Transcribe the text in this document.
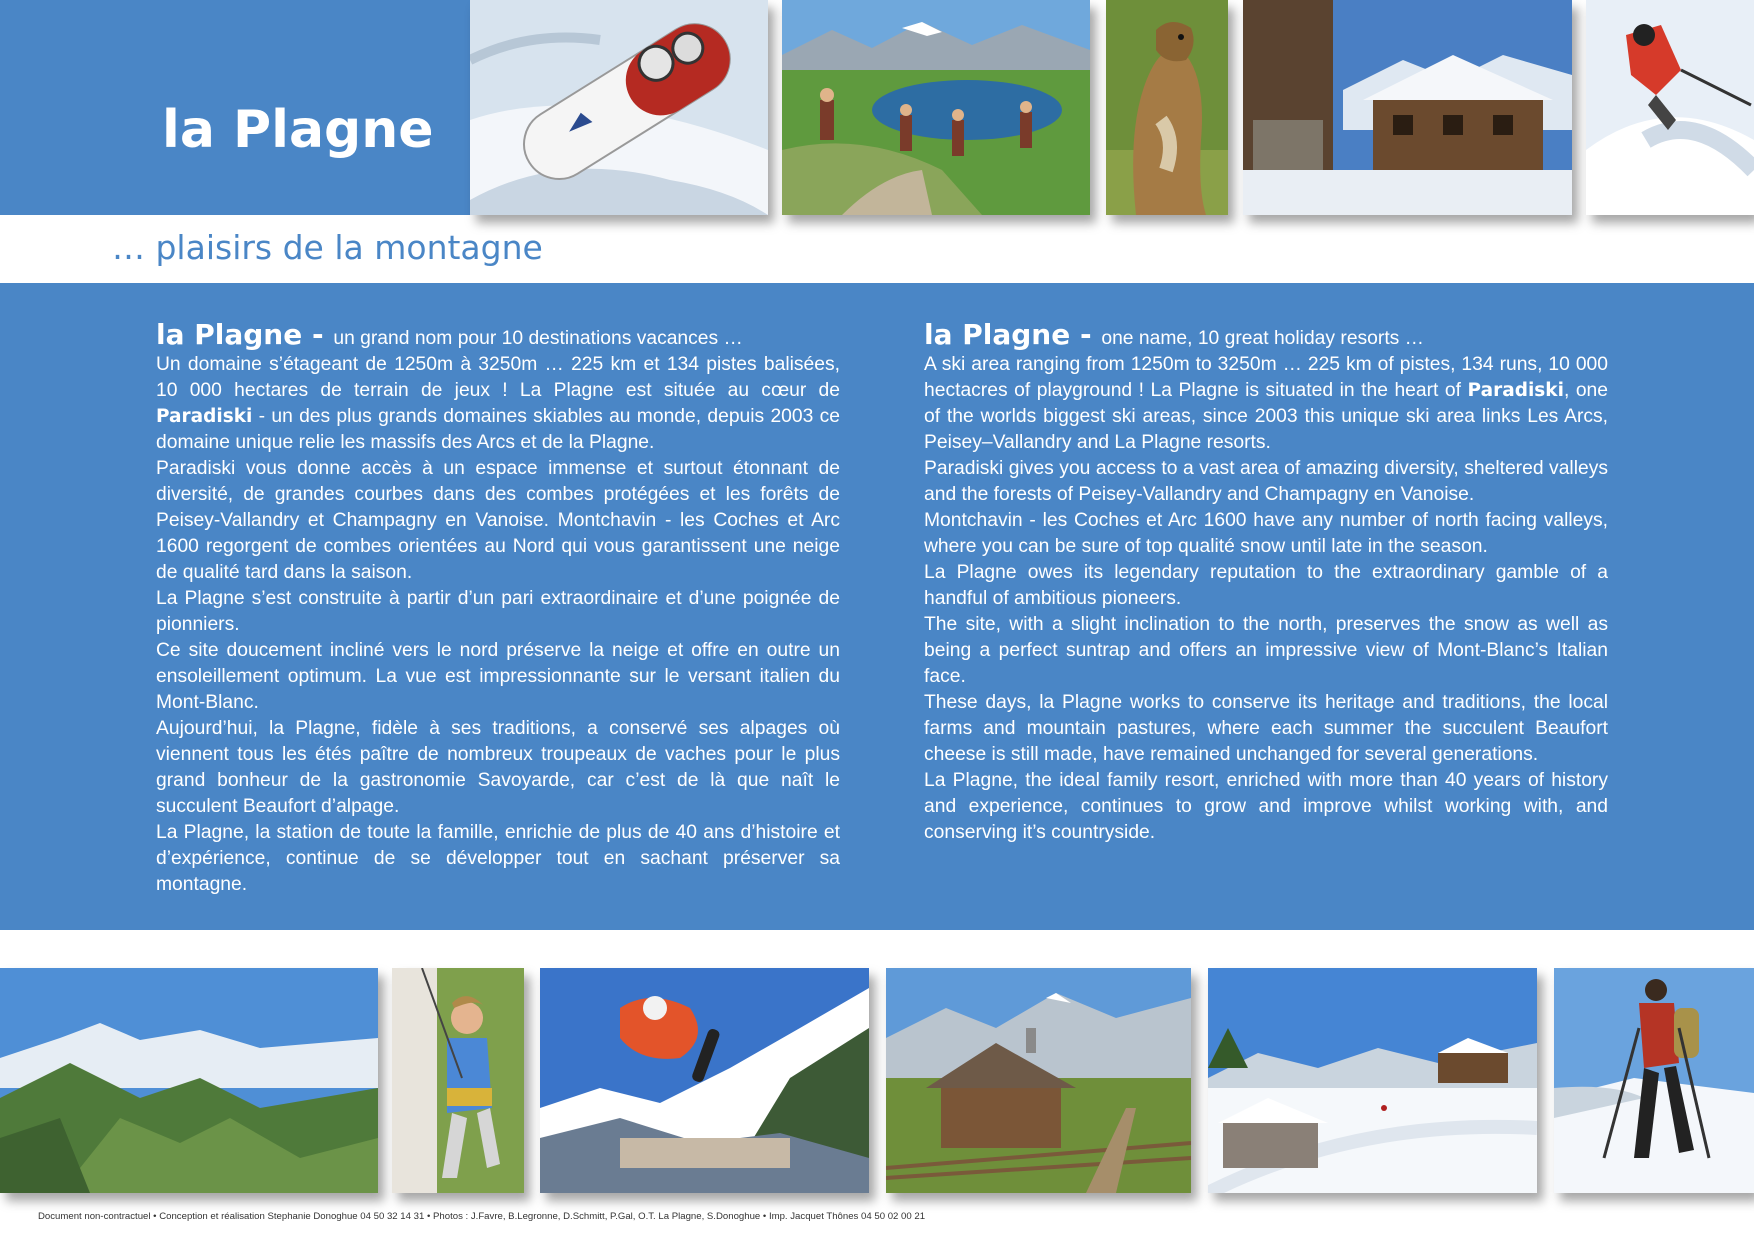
la Plagne
… plaisirs de la montagne

la Plagne - un grand nom pour 10 destinations vacances …

Un domaine s’étageant de 1250m à 3250m … 225 km et 134 pistes balisées, 10 000 hectares de terrain de jeux ! La Plagne est située au cœur de Paradiski - un des plus grands domaines skiables au monde, depuis 2003 ce domaine unique relie les massifs des Arcs et de la Plagne.

Paradiski vous donne accès à un espace immense et surtout étonnant de diversité, de grandes courbes dans des combes protégées et les forêts de Peisey-Vallandry et Champagny en Vanoise. Montchavin - les Coches et Arc 1600 regorgent de combes orientées au Nord qui vous garantissent une neige de qualité tard dans la saison.

La Plagne s’est construite à partir d’un pari extraordinaire et d’une poignée de pionniers.

Ce site doucement incliné vers le nord préserve la neige et offre en outre un ensoleillement optimum. La vue est impressionnante sur le versant italien du Mont-Blanc.

Aujourd’hui, la Plagne, fidèle à ses traditions, a conservé ses alpages où viennent tous les étés paître de nombreux troupeaux de vaches pour le plus grand bonheur de la gastronomie Savoyarde, car c’est de là que naît le succulent Beaufort d’alpage.

La Plagne, la station de toute la famille, enrichie de plus de 40 ans d’histoire et d’expérience, continue de se développer tout en sachant préserver sa montagne.

la Plagne - one name, 10 great holiday resorts …

A ski area ranging from 1250m to 3250m … 225 km of pistes, 134 runs, 10 000 hectacres of playground ! La Plagne is situated in the heart of Paradiski, one of the worlds biggest ski areas, since 2003 this unique ski area links Les Arcs, Peisey–Vallandry and La Plagne resorts.

Paradiski gives you access to a vast area of amazing diversity, sheltered valleys and the forests of Peisey-Vallandry and Champagny en Vanoise.

Montchavin - les Coches et Arc 1600 have any number of north facing valleys, where you can be sure of top qualité snow until late in the season.

La Plagne owes its legendary reputation to the extraordinary gamble of a handful of ambitious pioneers.

The site, with a slight inclination to the north, preserves the snow as well as being a perfect suntrap and offers an impressive view of Mont-Blanc’s Italian face.

These days, la Plagne works to conserve its heritage and traditions, the local farms and mountain pastures, where each summer the succulent Beaufort cheese is still made, have remained unchanged for several generations.

La Plagne, the ideal family resort, enriched with more than 40 years of history and experience, continues to grow and improve whilst working with, and conserving it’s countryside.

Document non-contractuel • Conception et réalisation Stephanie Donoghue 04 50 32 14 31 • Photos : J.Favre, B.Legronne, D.Schmitt, P.Gal, O.T. La Plagne, S.Donoghue • Imp. Jacquet Thônes 04 50 02 00 21
